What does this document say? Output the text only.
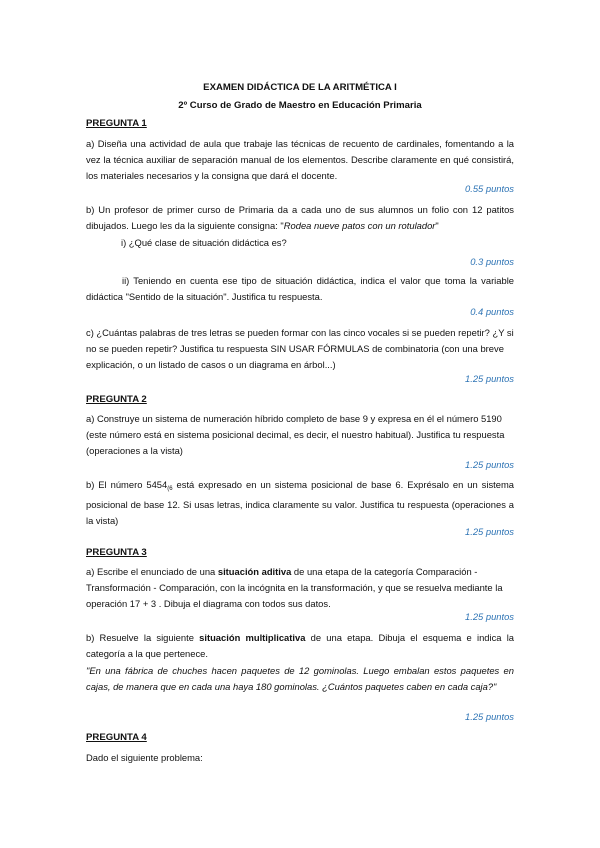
EXAMEN DIDÁCTICA DE LA ARITMÉTICA I
2º Curso de Grado de Maestro en Educación Primaria
PREGUNTA 1
a) Diseña una actividad de aula que trabaje las técnicas de recuento de cardinales, fomentando a la vez la técnica auxiliar de separación manual de los elementos. Describe claramente en qué consistirá, los materiales necesarios y la consigna que dará el docente.
0.55 puntos
b) Un profesor de primer curso de Primaria da a cada uno de sus alumnos un folio con 12 patitos dibujados. Luego les da la siguiente consigna: "Rodea nueve patos con un rotulador"
i) ¿Qué clase de situación didáctica es?
0.3 puntos
ii) Teniendo en cuenta ese tipo de situación didáctica, indica el valor que toma la variable didáctica "Sentido de la situación". Justifica tu respuesta.
0.4 puntos
c) ¿Cuántas palabras de tres letras se pueden formar con las cinco vocales si se pueden repetir? ¿Y si no se pueden repetir? Justifica tu respuesta SIN USAR FÓRMULAS de combinatoria (con una breve explicación, o un listado de casos o un diagrama en árbol...)
1.25 puntos
PREGUNTA 2
a) Construye un sistema de numeración híbrido completo de base 9 y expresa en él el número 5190 (este número está en sistema posicional decimal, es decir, el nuestro habitual). Justifica tu respuesta (operaciones a la vista)
1.25 puntos
b) El número $5454_{(6}$ está expresado en un sistema posicional de base 6. Exprésalo en un sistema posicional de base 12. Si usas letras, indica claramente su valor. Justifica tu respuesta (operaciones a la vista)
1.25 puntos
PREGUNTA 3
a) Escribe el enunciado de una situación aditiva de una etapa de la categoría Comparación - Transformación - Comparación, con la incógnita en la transformación, y que se resuelva mediante la operación 17 + 3 . Dibuja el diagrama con todos sus datos.
1.25 puntos
b) Resuelve la siguiente situación multiplicativa de una etapa. Dibuja el esquema e indica la categoría a la que pertenece.
"En una fábrica de chuches hacen paquetes de 12 gominolas. Luego embalan estos paquetes en cajas, de manera que en cada una haya 180 gominolas. ¿Cuántos paquetes caben en cada caja?"
1.25 puntos
PREGUNTA 4
Dado el siguiente problema:
